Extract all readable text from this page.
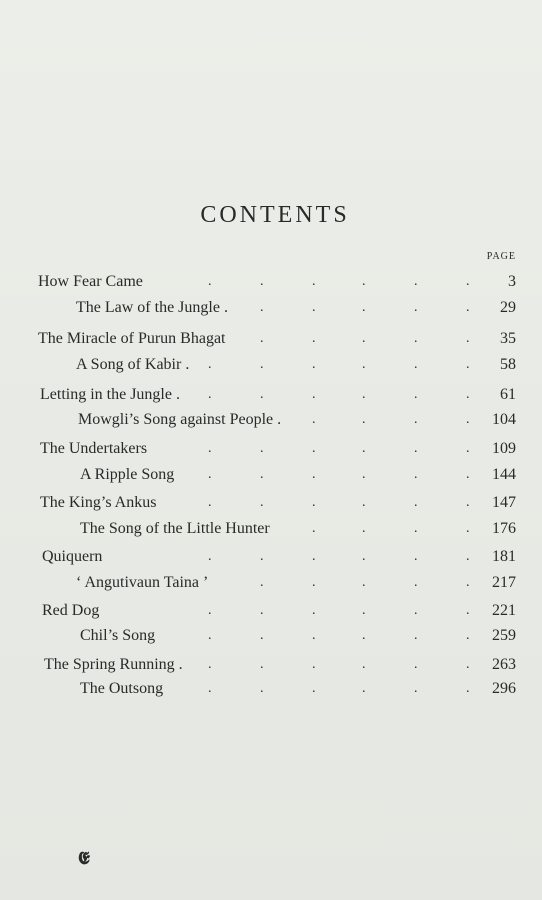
CONTENTS
PAGE
How Fear Came	.	.	.	.	.	. 3
The Law of the Jungle . .	.	.	.	. 29
The Miracle of Purun Bhagat .	.	.	.	. 35
A Song of Kabir . .	.	.	.	.	. 58
Letting in the Jungle . .	.	.	.	.	. 61
Mowgli’s Song against People . .	.	.	. 104
The Undertakers	.	.	.	.	.	. 109
A Ripple Song .	.	.	.	.	. 144
The King’s Ankus	.	.	.	.	.	. 147
The Song of the Little Hunter	.	.	.	. 176
Quiquern	.	.	.	.	.	. 181
‘ Angutivaun Taina ’	.	.	.	.	. 217
Red Dog	.	.	.	.	.	. 221
Chil’s Song	.	.	.	.	.	. 259
The Spring Running . .	.	.	.	.	. 263
The Outsong	.	.	.	.	.	. 296
𝕰
